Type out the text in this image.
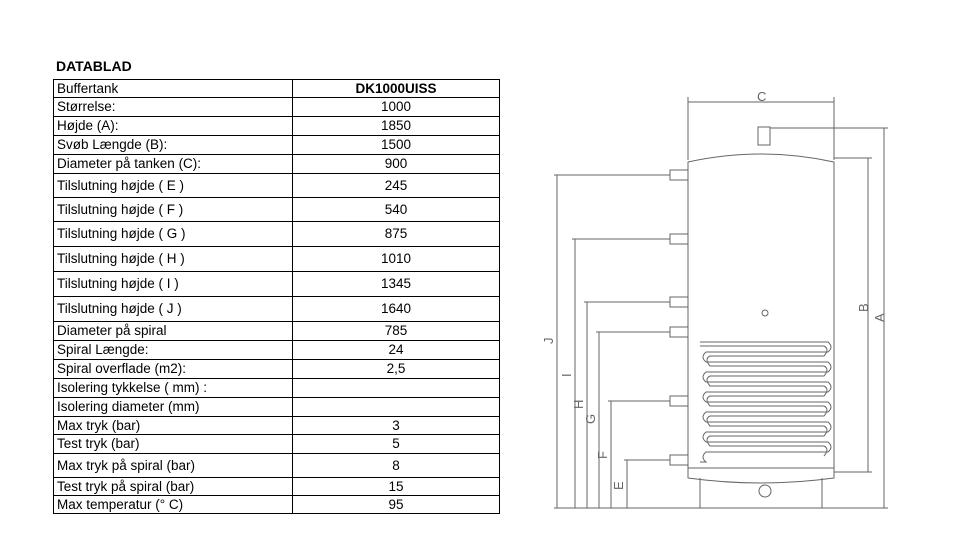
DATABLAD
Buffertank	DK1000UISS
Størrelse:	1000
Højde (A):	1850
Svøb Længde (B):	1500
Diameter på tanken (C):	900
Tilslutning højde ( E )	245
Tilslutning højde ( F )	540
Tilslutning højde ( G )	875
Tilslutning højde ( H )	1010
Tilslutning højde ( I )	1345
Tilslutning højde ( J )	1640
Diameter på spiral	785
Spiral Længde:	24
Spiral overflade (m2):	2,5
Isolering tykkelse ( mm) :	
Isolering diameter (mm)	
Max tryk (bar)	3
Test tryk (bar)	5
Max tryk på spiral (bar)	8
Test tryk på spiral (bar)	15
Max temperatur (° C)	95
C
A
B
J
I
H
G
F
E
